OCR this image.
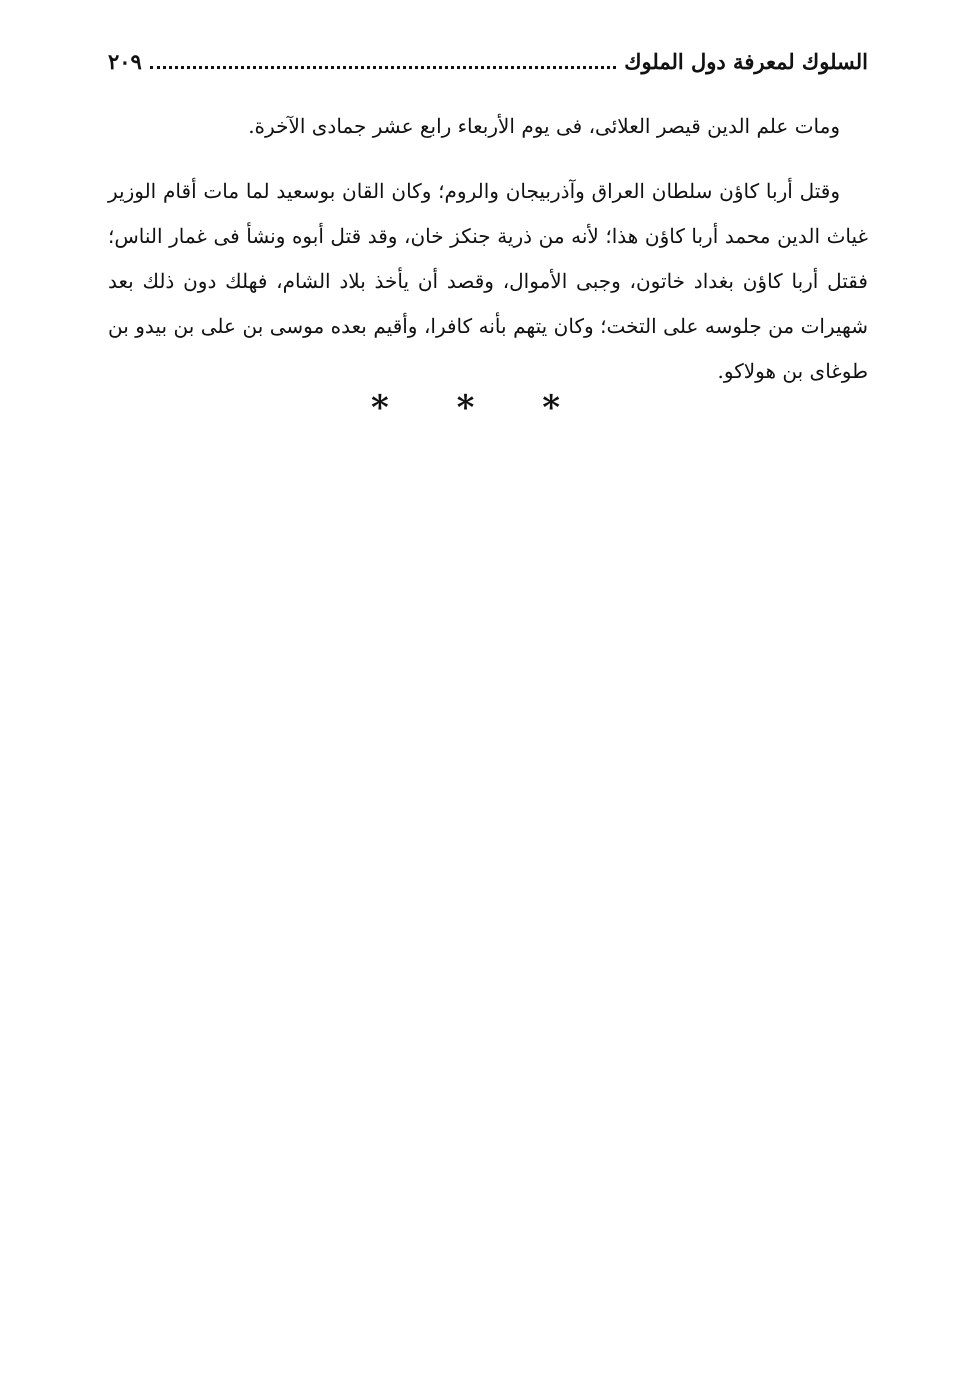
السلوك لمعرفة دول الملوك
٢٠٩

ومات علم الدين قيصر العلائى، فى يوم الأربعاء رابع عشر جمادى الآخرة.

وقتل أربا كاؤن سلطان العراق وآذربيجان والروم؛ وكان القان بوسعيد لما مات أقام الوزير غياث الدين محمد أربا كاؤن هذا؛ لأنه من ذرية جنكز خان، وقد قتل أبوه ونشأ فى غمار الناس؛ فقتل أربا كاؤن بغداد خاتون، وجبى الأموال، وقصد أن يأخذ بلاد الشام، فهلك دون ذلك بعد شهيرات من جلوسه على التخت؛ وكان يتهم بأنه كافرا، وأقيم بعده موسى بن على بن بيدو بن طوغاى بن هولاكو.

* * *
